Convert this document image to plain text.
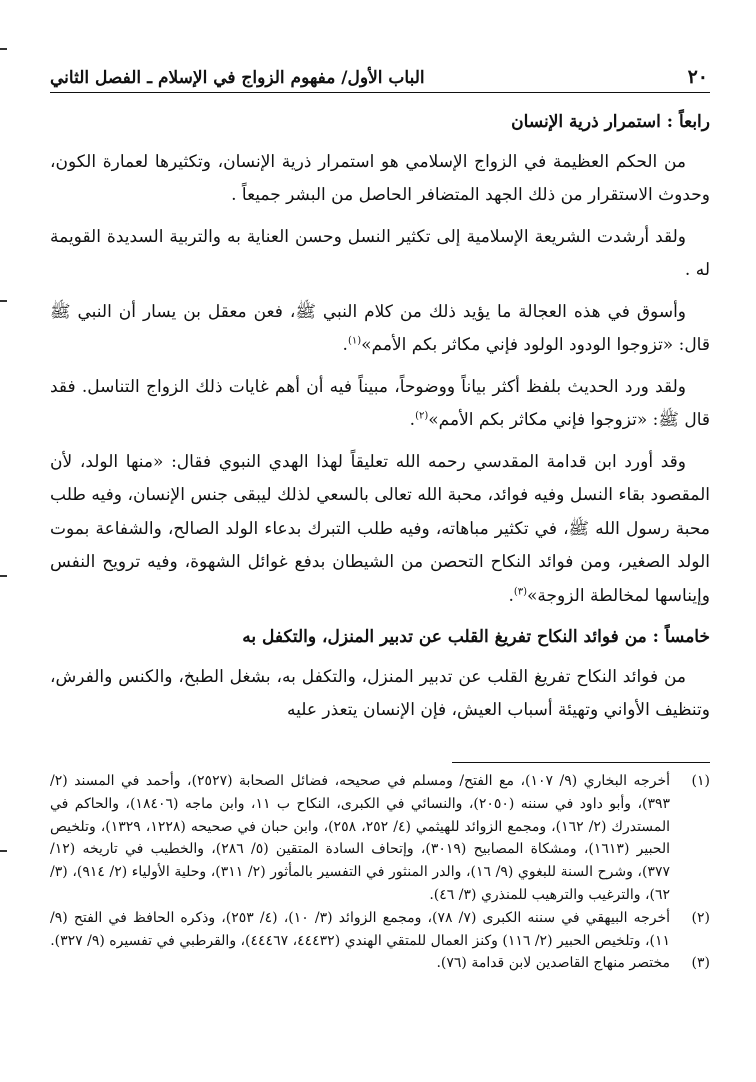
٢٠
الباب الأول/ مفهوم الزواج في الإسلام ـ الفصل الثاني
رابعاً : استمرار ذرية الإنسان

من الحكم العظيمة في الزواج الإسلامي هو استمرار ذرية الإنسان، وتكثيرها لعمارة الكون، وحدوث الاستقرار من ذلك الجهد المتضافر الحاصل من البشر جميعاً .

ولقد أرشدت الشريعة الإسلامية إلى تكثير النسل وحسن العناية به والتربية السديدة القويمة له .

وأسوق في هذه العجالة ما يؤيد ذلك من كلام النبي ﷺ، فعن معقل بن يسار أن النبي ﷺ قال: «تزوجوا الودود الولود فإني مكاثر بكم الأمم»$^{(١)}$.

ولقد ورد الحديث بلفظ أكثر بياناً ووضوحاً، مبيناً فيه أن أهم غايات ذلك الزواج التناسل. فقد قال ﷺ: «تزوجوا فإني مكاثر بكم الأمم»$^{(٢)}$.

وقد أورد ابن قدامة المقدسي رحمه الله تعليقاً لهذا الهدي النبوي فقال: «منها الولد، لأن المقصود بقاء النسل وفيه فوائد، محبة الله تعالى بالسعي لذلك ليبقى جنس الإنسان، وفيه طلب محبة رسول الله ﷺ، في تكثير مباهاته، وفيه طلب التبرك بدعاء الولد الصالح، والشفاعة بموت الولد الصغير، ومن فوائد النكاح التحصن من الشيطان بدفع غوائل الشهوة، وفيه ترويح النفس وإيناسها لمخالطة الزوجة»$^{(٣)}$.

خامساً : من فوائد النكاح تفريغ القلب عن تدبير المنزل، والتكفل به

من فوائد النكاح تفريغ القلب عن تدبير المنزل، والتكفل به، بشغل الطبخ، والكنس والفرش، وتنظيف الأواني وتهيئة أسباب العيش، فإن الإنسان يتعذر عليه

(١)
أخرجه البخاري (٩/ ١٠٧)، مع الفتح/ ومسلم في صحيحه، فضائل الصحابة (٢٥٢٧)، وأحمد في المسند (٢/ ٣٩٣)، وأبو داود في سننه (٢٠٥٠)، والنسائي في الكبرى، النكاح ب ١١، وابن ماجه (١٨٤٠٦)، والحاكم في المستدرك (٢/ ١٦٢)، ومجمع الزوائد للهيثمي (٤/ ٢٥٢، ٢٥٨)، وابن حبان في صحيحه (١٢٢٨، ١٣٢٩)، وتلخيص الحبير (١٦١٣)، ومشكاة المصابيح (٣٠١٩)، وإتحاف السادة المتقين (٥/ ٢٨٦)، والخطيب في تاريخه (١٢/ ٣٧٧)، وشرح السنة للبغوي (٩/ ١٦)، والدر المنثور في التفسير بالمأثور (٢/ ٣١١)، وحلية الأولياء (٢/ ٩١٤)، (٣/ ٦٢)، والترغيب والترهيب للمنذري (٣/ ٤٦).
(٢)
أخرجه البيهقي في سننه الكبرى (٧/ ٧٨)، ومجمع الزوائد (٣/ ١٠)، (٤/ ٢٥٣)، وذكره الحافظ في الفتح (٩/ ١١)، وتلخيص الحبير (٢/ ١١٦) وكنز العمال للمتقي الهندي (٤٤٤٣٢، ٤٤٤٦٧)، والقرطبي في تفسيره (٩/ ٣٢٧).
(٣)
مختصر منهاج القاصدين لابن قدامة (٧٦).
